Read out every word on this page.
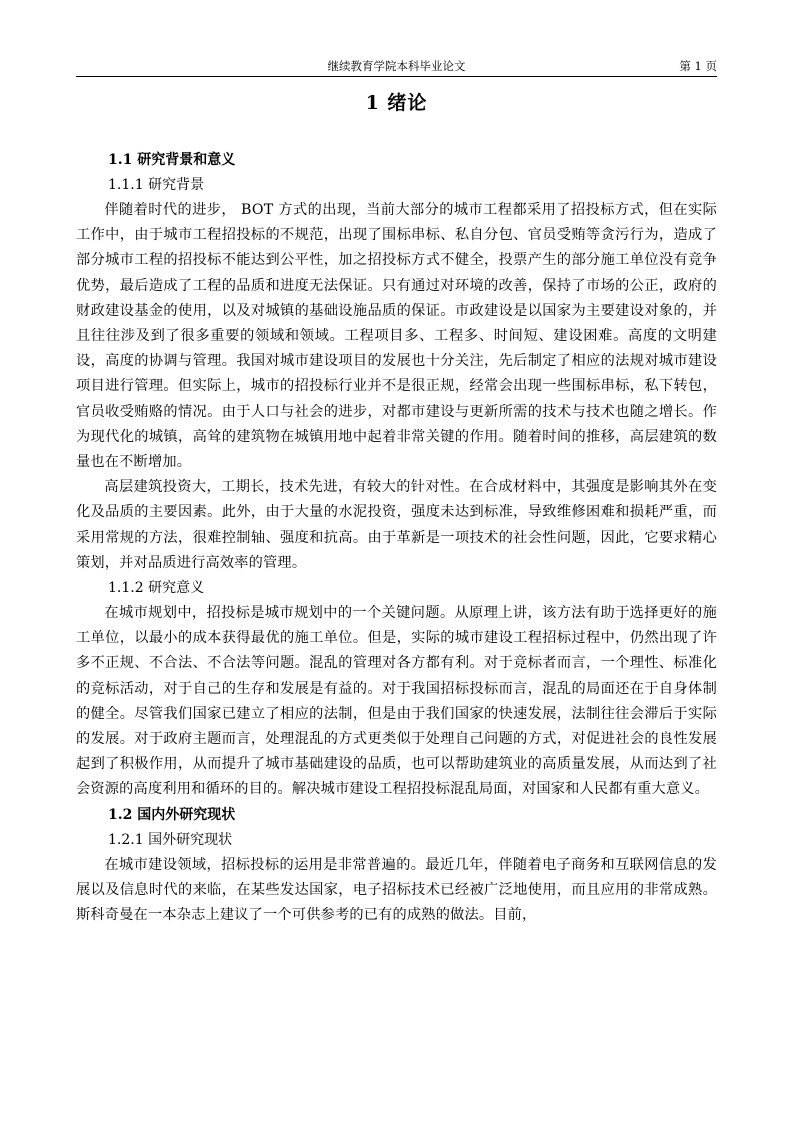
继续教育学院本科毕业论文	第 1 页
1 绪论
1.1 研究背景和意义
1.1.1 研究背景

伴随着时代的进步， BOT 方式的出现，当前大部分的城市工程都采用了招投标方式，但在实际工作中，由于城市工程招投标的不规范，出现了围标串标、私自分包、官员受贿等贪污行为，造成了部分城市工程的招投标不能达到公平性，加之招投标方式不健全，投票产生的部分施工单位没有竞争优势，最后造成了工程的品质和进度无法保证。只有通过对环境的改善，保持了市场的公正，政府的财政建设基金的使用，以及对城镇的基础设施品质的保证。市政建设是以国家为主要建设对象的，并且往往涉及到了很多重要的领域和领域。工程项目多、工程多、时间短、建设困难。高度的文明建设，高度的协调与管理。我国对城市建设项目的发展也十分关注，先后制定了相应的法规对城市建设项目进行管理。但实际上，城市的招投标行业并不是很正规，经常会出现一些围标串标，私下转包，官员收受贿赂的情况。由于人口与社会的进步，对都市建设与更新所需的技术与技术也随之增长。作为现代化的城镇，高耸的建筑物在城镇用地中起着非常关键的作用。随着时间的推移，高层建筑的数量也在不断增加。

高层建筑投资大，工期长，技术先进，有较大的针对性。在合成材料中，其强度是影响其外在变化及品质的主要因素。此外，由于大量的水泥投资，强度未达到标准，导致维修困难和损耗严重，而采用常规的方法，很难控制轴、强度和抗高。由于革新是一项技术的社会性问题，因此，它要求精心策划，并对品质进行高效率的管理。

1.1.2 研究意义

在城市规划中，招投标是城市规划中的一个关键问题。从原理上讲，该方法有助于选择更好的施工单位，以最小的成本获得最优的施工单位。但是，实际的城市建设工程招标过程中，仍然出现了许多不正规、不合法、不合法等问题。混乱的管理对各方都有利。对于竞标者而言，一个理性、标准化的竞标活动，对于自己的生存和发展是有益的。对于我国招标投标而言，混乱的局面还在于自身体制的健全。尽管我们国家已建立了相应的法制，但是由于我们国家的快速发展，法制往往会滞后于实际的发展。对于政府主题而言，处理混乱的方式更类似于处理自己问题的方式，对促进社会的良性发展起到了积极作用，从而提升了城市基础建设的品质，也可以帮助建筑业的高质量发展，从而达到了社会资源的高度利用和循环的目的。解决城市建设工程招投标混乱局面，对国家和人民都有重大意义。

1.2 国内外研究现状
1.2.1 国外研究现状

在城市建设领域，招标投标的运用是非常普遍的。最近几年，伴随着电子商务和互联网信息的发展以及信息时代的来临，在某些发达国家，电子招标技术已经被广泛地使用，而且应用的非常成熟。斯科奇曼在一本杂志上建议了一个可供参考的已有的成熟的做法。目前，
